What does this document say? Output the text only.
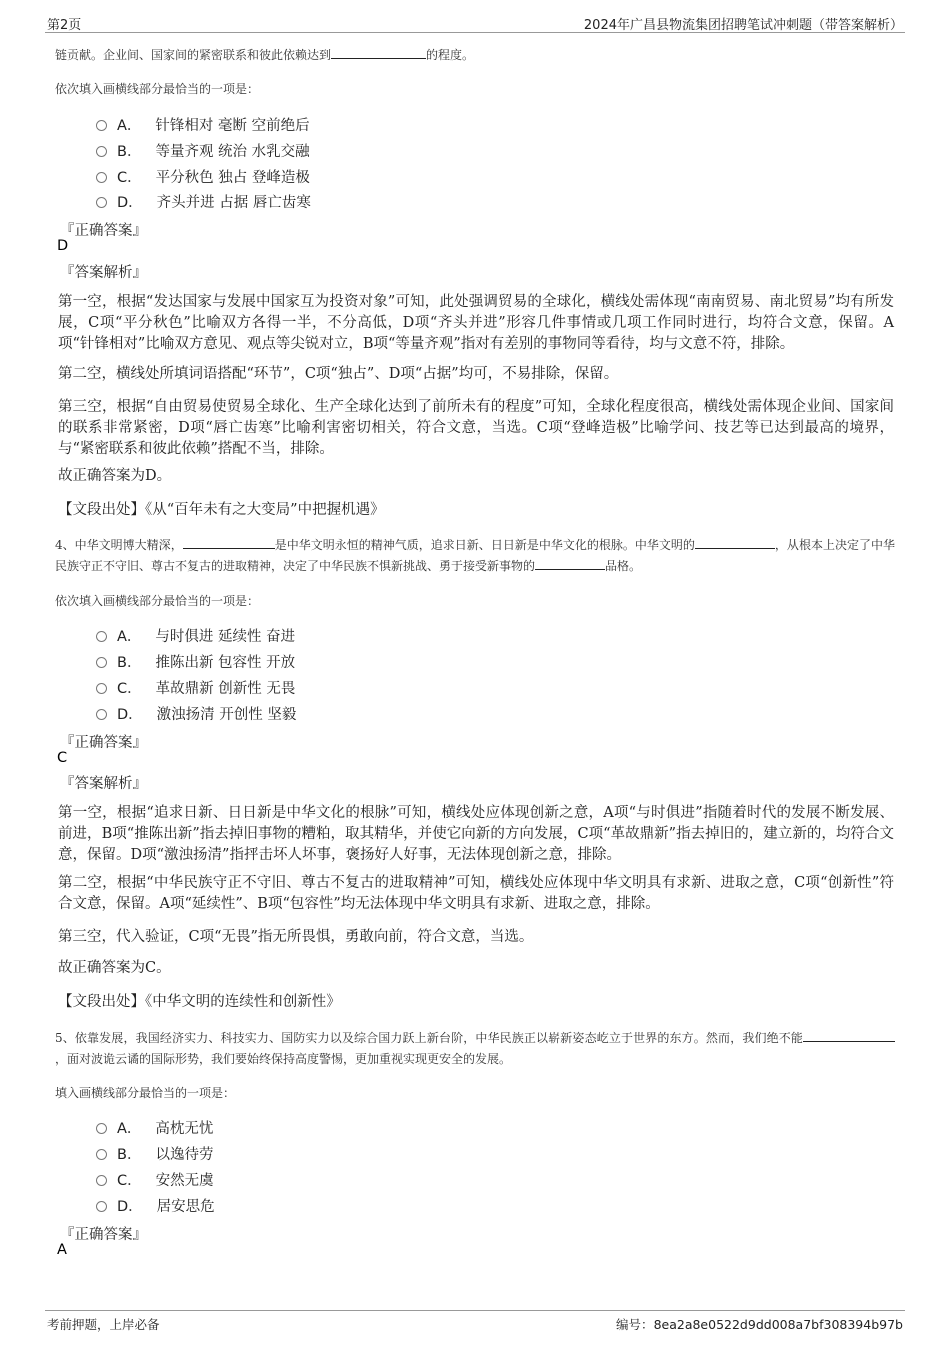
第2页	2024年广昌县物流集团招聘笔试冲刺题（带答案解析）
链贡献。企业间、国家间的紧密联系和彼此依赖达到	的程度。
依次填入画横线部分最恰当的一项是：
A． 针锋相对 毫断 空前绝后
B． 等量齐观 统治 水乳交融
C． 平分秋色 独占 登峰造极
D． 齐头并进 占据 唇亡齿寒
『正确答案』
D
『答案解析』

第一空，根据“发达国家与发展中国家互为投资对象”可知，此处强调贸易的全球化，横线处需体现“南南贸易、南北贸易”均有所发展，C项“平分秋色”比喻双方各得一半，不分高低，D项“齐头并进”形容几件事情或几项工作同时进行，均符合文意，保留。A项“针锋相对”比喻双方意见、观点等尖锐对立，B项“等量齐观”指对有差别的事物同等看待，均与文意不符，排除。

第二空，横线处所填词语搭配“环节”，C项“独占”、D项“占据”均可，不易排除，保留。

第三空，根据“自由贸易使贸易全球化、生产全球化达到了前所未有的程度”可知，全球化程度很高，横线处需体现企业间、国家间的联系非常紧密，D项“唇亡齿寒”比喻利害密切相关，符合文意，当选。C项“登峰造极”比喻学问、技艺等已达到最高的境界，与“紧密联系和彼此依赖”搭配不当，排除。

故正确答案为D。

【文段出处】《从“百年未有之大变局”中把握机遇》

4、中华文明博大精深，	是中华文明永恒的精神气质，追求日新、日日新是中华文化的根脉。中华文明的	，从根本上决定了中华民族守正不守旧、尊古不复古的进取精神，决定了中华民族不惧新挑战、勇于接受新事物的	品格。
依次填入画横线部分最恰当的一项是：
A． 与时俱进 延续性 奋进
B． 推陈出新 包容性 开放
C． 革故鼎新 创新性 无畏
D． 激浊扬清 开创性 坚毅
『正确答案』
C
『答案解析』

第一空，根据“追求日新、日日新是中华文化的根脉”可知，横线处应体现创新之意，A项“与时俱进”指随着时代的发展不断发展、前进，B项“推陈出新”指去掉旧事物的糟粕，取其精华，并使它向新的方向发展，C项“革故鼎新”指去掉旧的，建立新的，均符合文意，保留。D项“激浊扬清”指抨击坏人坏事，褒扬好人好事，无法体现创新之意，排除。

第二空，根据“中华民族守正不守旧、尊古不复古的进取精神”可知，横线处应体现中华文明具有求新、进取之意，C项“创新性”符合文意，保留。A项“延续性”、B项“包容性”均无法体现中华文明具有求新、进取之意，排除。

第三空，代入验证，C项“无畏”指无所畏惧，勇敢向前，符合文意，当选。

故正确答案为C。

【文段出处】《中华文明的连续性和创新性》

5、依靠发展，我国经济实力、科技实力、国防实力以及综合国力跃上新台阶，中华民族正以崭新姿态屹立于世界的东方。然而，我们绝不能，面对波诡云谲的国际形势，我们要始终保持高度警惕，更加重视实现更安全的发展。
填入画横线部分最恰当的一项是：
A． 高枕无忧
B． 以逸待劳
C． 安然无虞
D． 居安思危
『正确答案』
A
考前押题，上岸必备	编号：8ea2a8e0522d9dd008a7bf308394b97b
